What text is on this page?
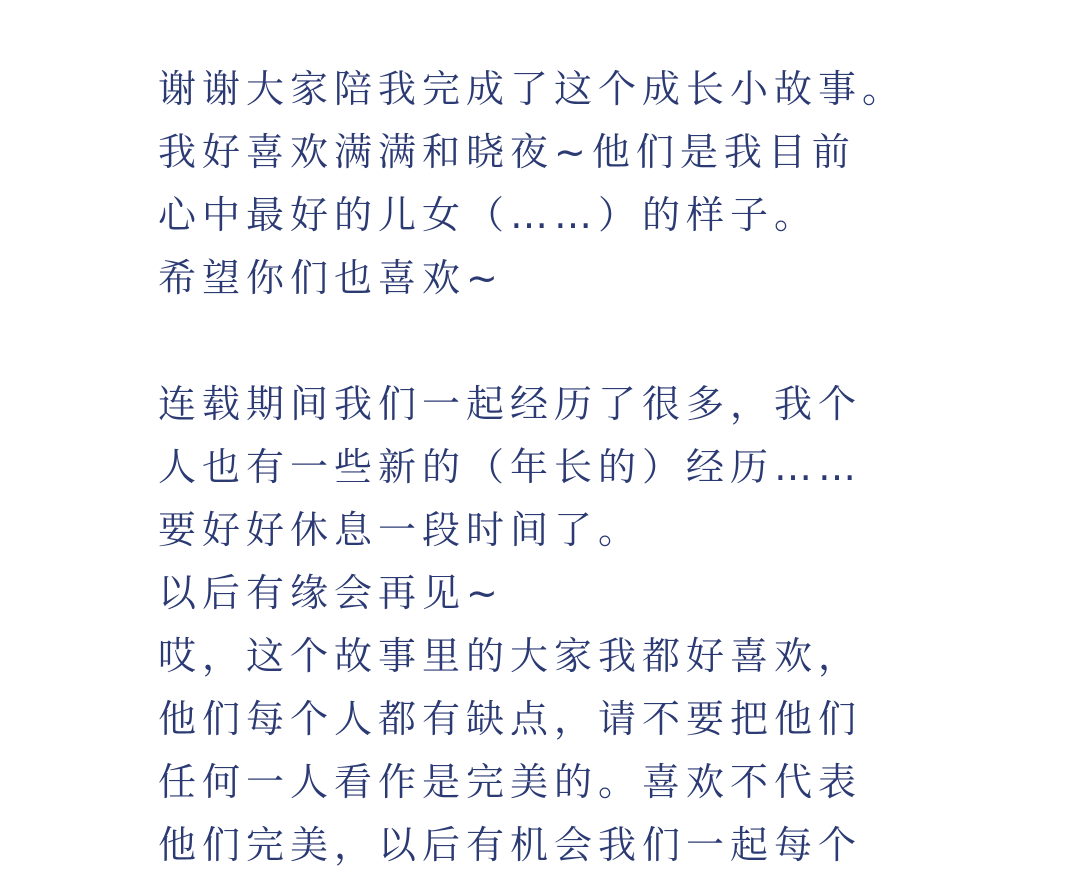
谢谢大家陪我完成了这个成长小故事。
我好喜欢满满和晓夜~他们是我目前
心中最好的儿女（……）的样子。
希望你们也喜欢~
连载期间我们一起经历了很多，我个
人也有一些新的（年长的）经历……
要好好休息一段时间了。
以后有缘会再见~
哎，这个故事里的大家我都好喜欢，
他们每个人都有缺点，请不要把他们
任何一人看作是完美的。喜欢不代表
他们完美，以后有机会我们一起每个
